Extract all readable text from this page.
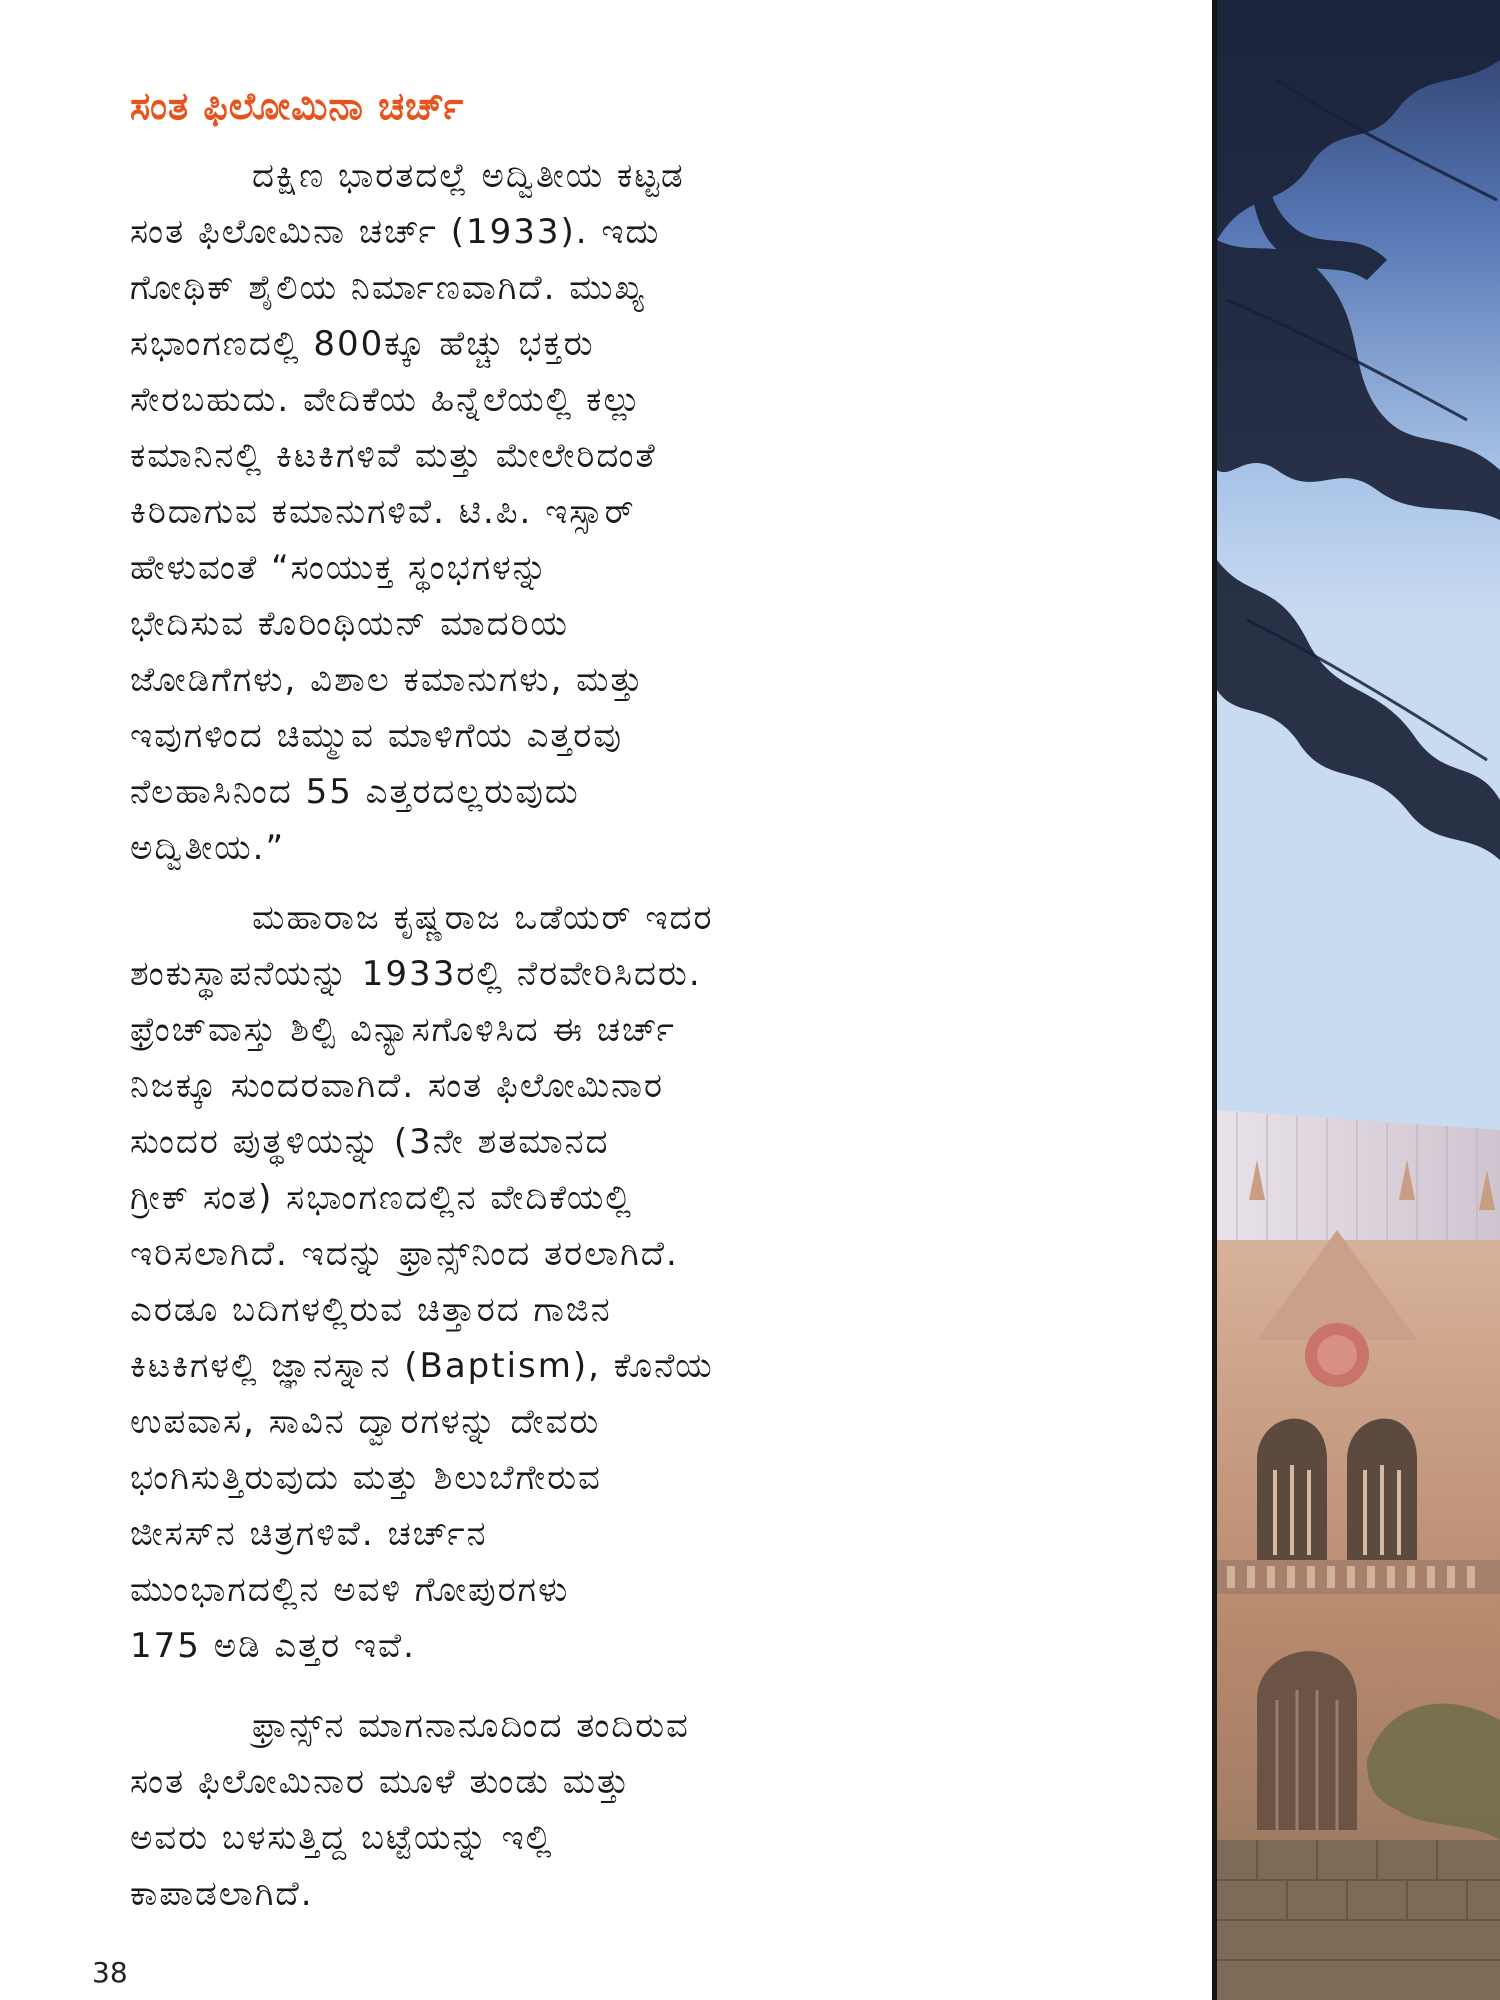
ಸಂತ ಫಿಲೋಮಿನಾ ಚರ್ಚ್

ದಕ್ಷಿಣ ಭಾರತದಲ್ಲೆ ಅದ್ವಿತೀಯ ಕಟ್ಟಡ
ಸಂತ ಫಿಲೋಮಿನಾ ಚರ್ಚ್ (1933). ಇದು
ಗೋಥಿಕ್ ಶೈಲಿಯ ನಿರ್ಮಾಣವಾಗಿದೆ. ಮುಖ್ಯ
ಸಭಾಂಗಣದಲ್ಲಿ 800ಕ್ಕೂ ಹೆಚ್ಚು ಭಕ್ತರು
ಸೇರಬಹುದು. ವೇದಿಕೆಯ ಹಿನ್ನೆಲೆಯಲ್ಲಿ ಕಲ್ಲು
ಕಮಾನಿನಲ್ಲಿ ಕಿಟಕಿಗಳಿವೆ ಮತ್ತು ಮೇಲೇರಿದಂತೆ
ಕಿರಿದಾಗುವ ಕಮಾನುಗಳಿವೆ. ಟಿ.ಪಿ. ಇಸ್ಸಾರ್
ಹೇಳುವಂತೆ “ಸಂಯುಕ್ತ ಸ್ಥಂಭಗಳನ್ನು
ಭೇದಿಸುವ ಕೊರಿಂಥಿಯನ್ ಮಾದರಿಯ
ಜೋಡಿಗೆಗಳು, ವಿಶಾಲ ಕಮಾನುಗಳು, ಮತ್ತು
ಇವುಗಳಿಂದ ಚಿಮ್ಮುವ ಮಾಳಿಗೆಯ ಎತ್ತರವು
ನೆಲಹಾಸಿನಿಂದ 55 ಎತ್ತರದಲ್ಲರುವುದು
ಅದ್ವಿತೀಯ.”

ಮಹಾರಾಜ ಕೃಷ್ಣರಾಜ ಒಡೆಯರ್ ಇದರ
ಶಂಕುಸ್ಥಾಪನೆಯನ್ನು 1933ರಲ್ಲಿ ನೆರವೇರಿಸಿದರು.
ಫ್ರೆಂಚ್‌ವಾಸ್ತು ಶಿಲ್ಪಿ ವಿನ್ಯಾಸಗೊಳಿಸಿದ ಈ ಚರ್ಚ್
ನಿಜಕ್ಕೂ ಸುಂದರವಾಗಿದೆ. ಸಂತ ಫಿಲೋಮಿನಾರ
ಸುಂದರ ಪುತ್ಥಳಿಯನ್ನು (3ನೇ ಶತಮಾನದ
ಗ್ರೀಕ್ ಸಂತ) ಸಭಾಂಗಣದಲ್ಲಿನ ವೇದಿಕೆಯಲ್ಲಿ
ಇರಿಸಲಾಗಿದೆ. ಇದನ್ನು ಫ್ರಾನ್ಸ್‌ನಿಂದ ತರಲಾಗಿದೆ.
ಎರಡೂ ಬದಿಗಳಲ್ಲಿರುವ ಚಿತ್ತಾರದ ಗಾಜಿನ
ಕಿಟಕಿಗಳಲ್ಲಿ ಜ್ಞಾನಸ್ನಾನ (Baptism), ಕೊನೆಯ
ಉಪವಾಸ, ಸಾವಿನ ದ್ವಾರಗಳನ್ನು ದೇವರು
ಭಂಗಿಸುತ್ತಿರುವುದು ಮತ್ತು ಶಿಲುಬೆಗೇರುವ
ಜೀಸಸ್‌ನ ಚಿತ್ರಗಳಿವೆ. ಚರ್ಚ್‌ನ
ಮುಂಭಾಗದಲ್ಲಿನ ಅವಳಿ ಗೋಪುರಗಳು
175 ಅಡಿ ಎತ್ತರ ಇವೆ.

ಫ್ರಾನ್ಸ್‌ನ ಮಾಗನಾನೂದಿಂದ ತಂದಿರುವ
ಸಂತ ಫಿಲೋಮಿನಾರ ಮೂಳೆ ತುಂಡು ಮತ್ತು
ಅವರು ಬಳಸುತ್ತಿದ್ದ ಬಟ್ಟೆಯನ್ನು ಇಲ್ಲಿ
ಕಾಪಾಡಲಾಗಿದೆ.

38
